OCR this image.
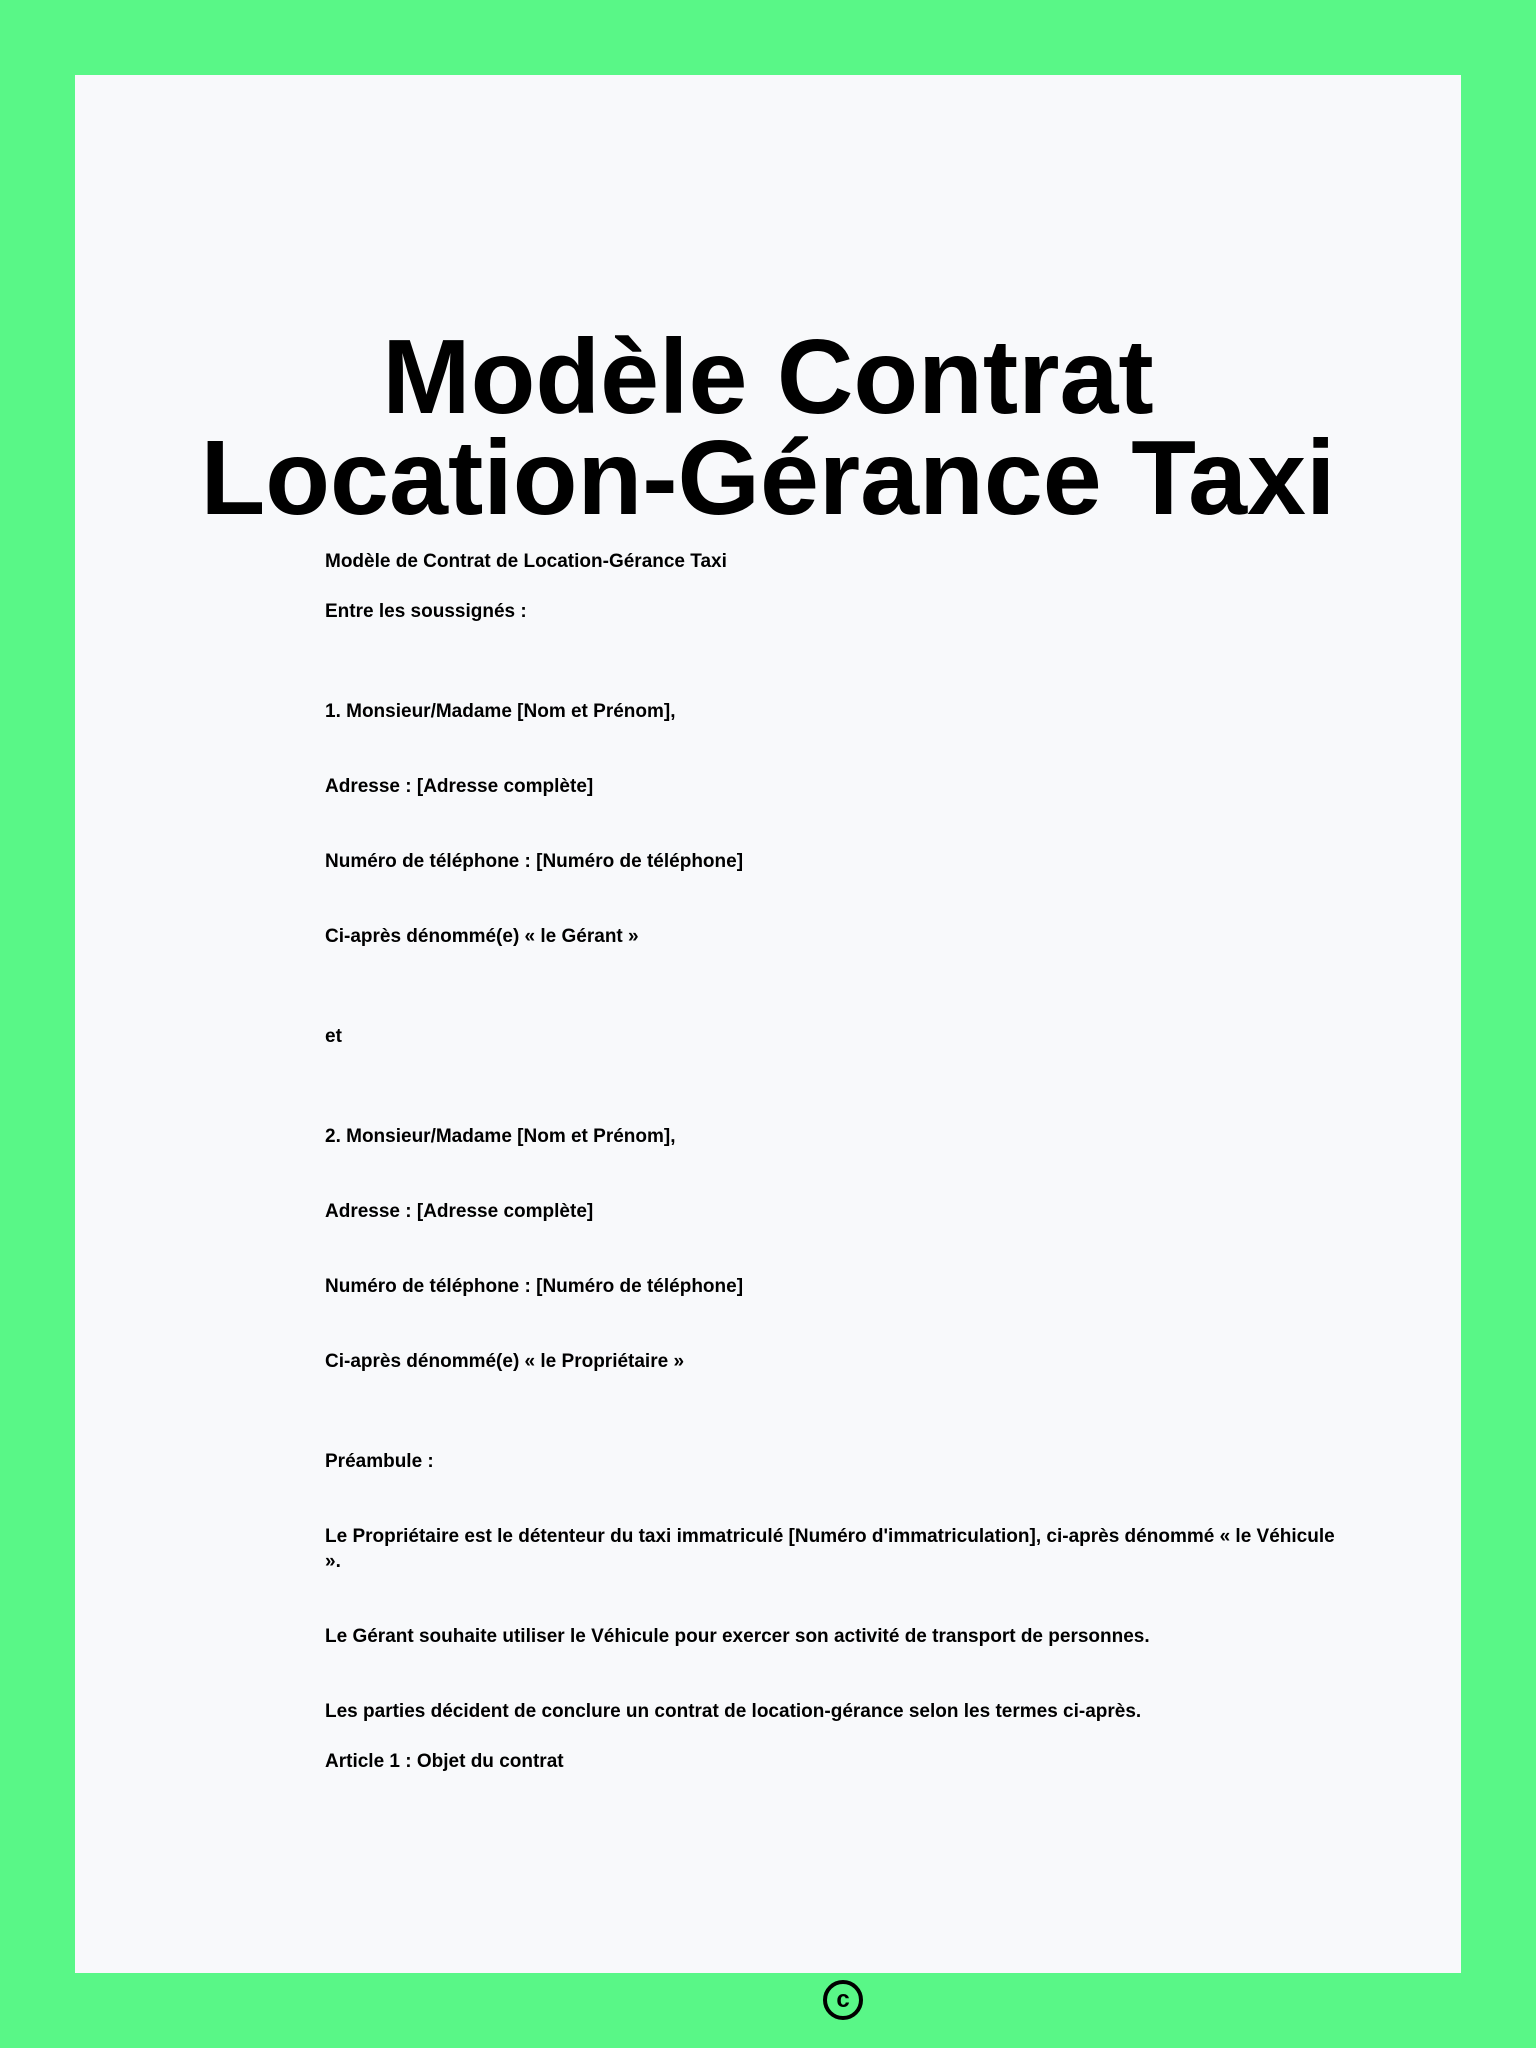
Modèle Contrat
Location-Gérance Taxi

Modèle de Contrat de Location-Gérance Taxi

Entre les soussignés :

1. Monsieur/Madame [Nom et Prénom],

Adresse : [Adresse complète]

Numéro de téléphone : [Numéro de téléphone]

Ci-après dénommé(e) « le Gérant »

et

2. Monsieur/Madame [Nom et Prénom],

Adresse : [Adresse complète]

Numéro de téléphone : [Numéro de téléphone]

Ci-après dénommé(e) « le Propriétaire »

Préambule :

Le Propriétaire est le détenteur du taxi immatriculé [Numéro d'immatriculation], ci-après dénommé « le Véhicule ».

Le Gérant souhaite utiliser le Véhicule pour exercer son activité de transport de personnes.

Les parties décident de conclure un contrat de location-gérance selon les termes ci-après.

Article 1 : Objet du contrat

c
